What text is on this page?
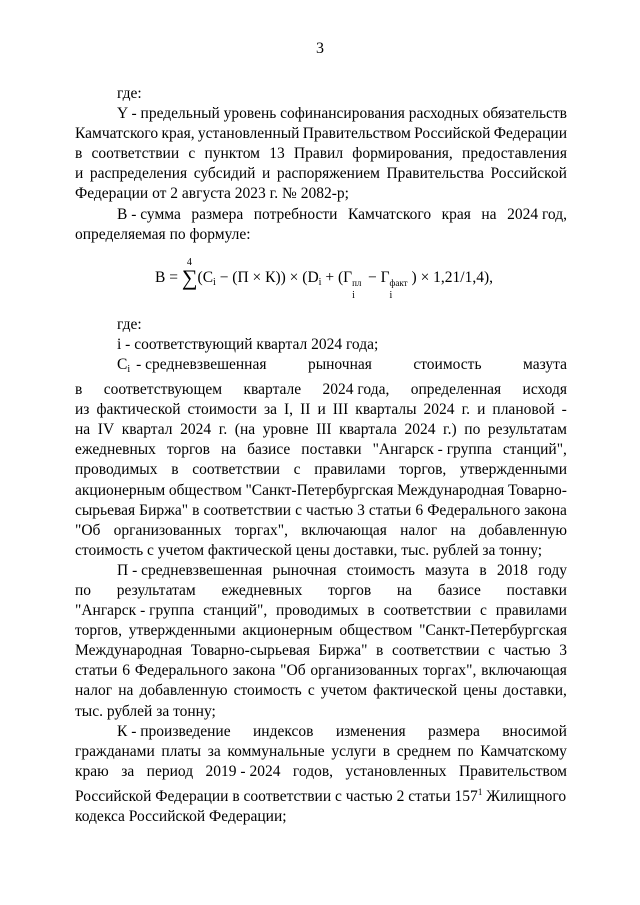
3
где:
Y - предельный уровень софинансирования расходных обязательств
Камчатского края, установленный Правительством Российской Федерации
в соответствии с пунктом 13 Правил формирования, предоставления
и распределения субсидий и распоряжением Правительства Российской
Федерации от 2 августа 2023 г. № 2082-р;
В - сумма размера потребности Камчатского края на 2024 год,
определяемая по формуле:
B = ∑
4
$(C_i - (П \times К)) \times (D_i + (Г$ пл
i
− Г факт
i
) × 1,21/1,4),
где:
i - соответствующий квартал 2024 года;
Ci - средневзвешенная	рыночная	стоимость	мазута
в соответствующем квартале 2024 года, определенная исходя
из фактической стоимости за I, II и III кварталы 2024 г. и плановой -
на IV квартал 2024 г. (на уровне III квартала 2024 г.) по результатам
ежедневных торгов на базисе поставки "Ангарск - группа станций",
проводимых в соответствии с правилами торгов, утвержденными
акционерным обществом "Санкт-Петербургская Международная Товарно-
сырьевая Биржа" в соответствии с частью 3 статьи 6 Федерального закона
"Об организованных торгах", включающая налог на добавленную
стоимость с учетом фактической цены доставки, тыс. рублей за тонну;
П - средневзвешенная рыночная стоимость мазута в 2018 году
по результатам ежедневных торгов на базисе поставки
"Ангарск - группа станций", проводимых в соответствии с правилами
торгов, утвержденными акционерным обществом "Санкт-Петербургская
Международная Товарно-сырьевая Биржа" в соответствии с частью 3
статьи 6 Федерального закона "Об организованных торгах", включающая
налог на добавленную стоимость с учетом фактической цены доставки,
тыс. рублей за тонну;
К - произведение индексов изменения размера вносимой
гражданами платы за коммунальные услуги в среднем по Камчатскому
краю за период 2019 - 2024 годов, установленных Правительством
Российской Федерации в соответствии с частью 2 статьи $157^1$ Жилищного
кодекса Российской Федерации;
